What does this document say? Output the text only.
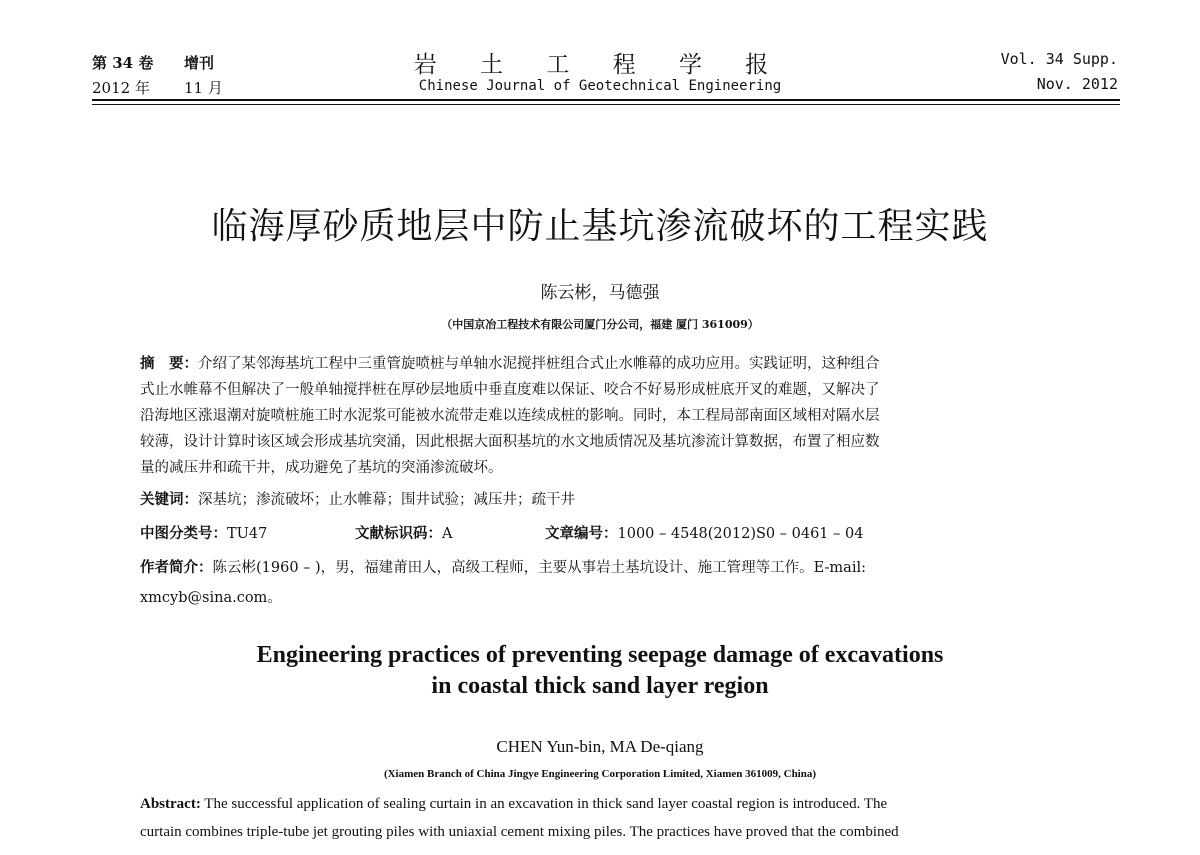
第 34 卷 增刊
2012 年 11 月
岩 土 工 程 学 报
Chinese Journal of Geotechnical Engineering
Vol. 34 Supp.
Nov. 2012
临海厚砂质地层中防止基坑渗流破坏的工程实践
陈云彬，马德强
（中国京冶工程技术有限公司厦门分公司，福建 厦门 361009）
摘　要：介绍了某邻海基坑工程中三重管旋喷桩与单轴水泥搅拌桩组合式止水帷幕的成功应用。实践证明，这种组合
式止水帷幕不但解决了一般单轴搅拌桩在厚砂层地质中垂直度难以保证、咬合不好易形成桩底开叉的难题，又解决了
沿海地区涨退潮对旋喷桩施工时水泥浆可能被水流带走难以连续成桩的影响。同时，本工程局部南面区域相对隔水层
较薄，设计计算时该区域会形成基坑突涌，因此根据大面积基坑的水文地质情况及基坑渗流计算数据，布置了相应数
量的减压井和疏干井，成功避免了基坑的突涌渗流破坏。
关键词：深基坑；渗流破坏；止水帷幕；围井试验；减压井；疏干井
中图分类号：TU47	文献标识码：A	文章编号：1000 – 4548(2012)S0 – 0461 – 04
作者简介：陈云彬(1960 – )，男，福建莆田人，高级工程师，主要从事岩土基坑设计、施工管理等工作。E-mail:
xmcyb@sina.com。
Engineering practices of preventing seepage damage of excavations
in coastal thick sand layer region
CHEN Yun-bin, MA De-qiang
(Xiamen Branch of China Jingye Engineering Corporation Limited, Xiamen 361009, China)
Abstract: The successful application of sealing curtain in an excavation in thick sand layer coastal region is introduced. The
curtain combines triple-tube jet grouting piles with uniaxial cement mixing piles. The practices have proved that the combined
